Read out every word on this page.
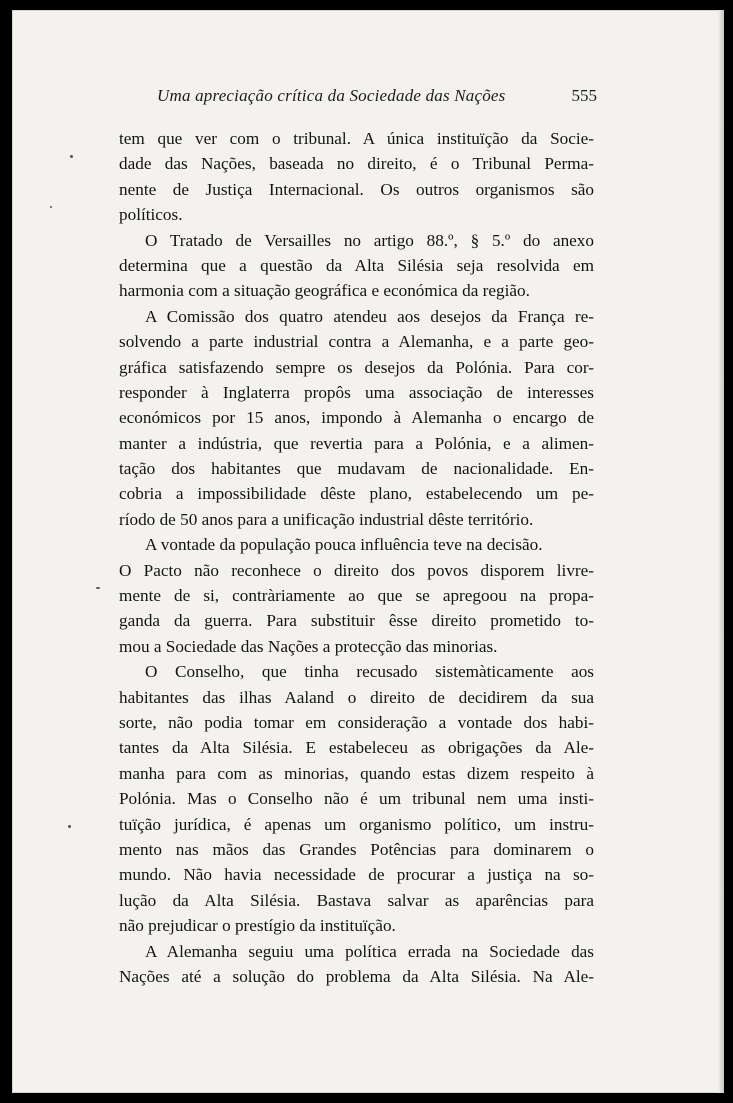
Uma apreciação crítica da Sociedade das Nações	555
tem que ver com o tribunal. A única instituïção da Socie-
dade das Nações, baseada no direito, é o Tribunal Perma-
nente de Justiça Internacional. Os outros organismos são
políticos.
O Tratado de Versailles no artigo 88.º, § 5.º do anexo
determina que a questão da Alta Silésia seja resolvida em
harmonia com a situação geográfica e económica da região.
A Comissão dos quatro atendeu aos desejos da França re-
solvendo a parte industrial contra a Alemanha, e a parte geo-
gráfica satisfazendo sempre os desejos da Polónia. Para cor-
responder à Inglaterra propôs uma associação de interesses
económicos por 15 anos, impondo à Alemanha o encargo de
manter a indústria, que revertia para a Polónia, e a alimen-
tação dos habitantes que mudavam de nacionalidade. En-
cobria a impossibilidade dêste plano, estabelecendo um pe-
ríodo de 50 anos para a unificação industrial dêste território.
A vontade da população pouca influência teve na decisão.
O Pacto não reconhece o direito dos povos disporem livre-
mente de si, contràriamente ao que se apregoou na propa-
ganda da guerra. Para substituir êsse direito prometido to-
mou a Sociedade das Nações a protecção das minorias.
O Conselho, que tinha recusado sistemàticamente aos
habitantes das ilhas Aaland o direito de decidirem da sua
sorte, não podia tomar em consideração a vontade dos habi-
tantes da Alta Silésia. E estabeleceu as obrigações da Ale-
manha para com as minorias, quando estas dizem respeito à
Polónia. Mas o Conselho não é um tribunal nem uma insti-
tuïção jurídica, é apenas um organismo político, um instru-
mento nas mãos das Grandes Potências para dominarem o
mundo. Não havia necessidade de procurar a justiça na so-
lução da Alta Silésia. Bastava salvar as aparências para
não prejudicar o prestígio da instituïção.
A Alemanha seguiu uma política errada na Sociedade das
Nações até a solução do problema da Alta Silésia. Na Ale-
